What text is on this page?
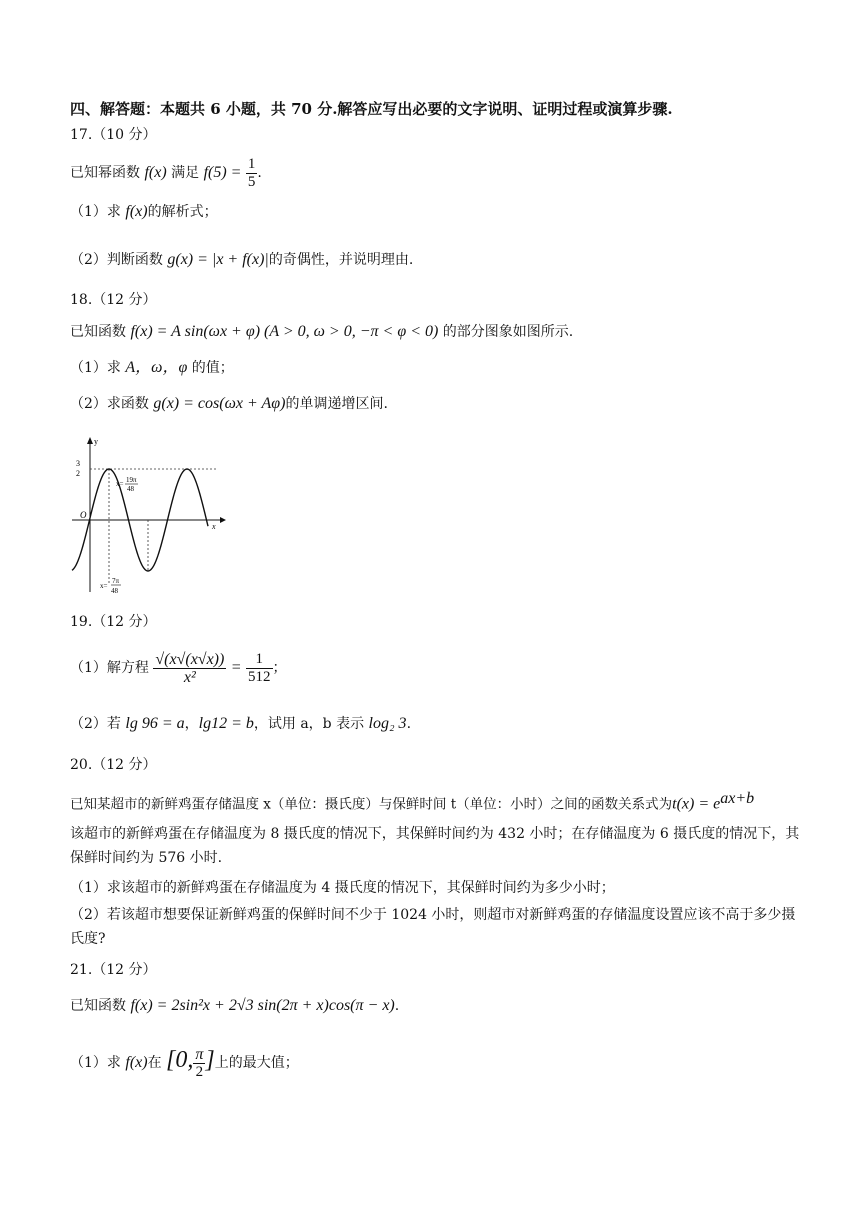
四、解答题：本题共 6 小题，共 70 分.解答应写出必要的文字说明、证明过程或演算步骤.
17.（10 分）
已知幂函数 f(x) 满足 $f(5) = \frac{1}{5}$ .
（1）求 f(x)的解析式；
（2）判断函数 g(x) = |x + f(x)|的奇偶性，并说明理由.
18.（12 分）
已知函数 f(x) = A sin(ωx + φ) (A > 0, ω > 0, −π < φ < 0) 的部分图象如图所示.
（1）求 A，ω，φ 的值；
（2）求函数 g(x) = cos(ωx + Aφ)的单调递增区间.
y
x
O
3
2
x= 19π
48
x=
7π
48
19.（12 分）
（1）解方程 $\frac{√(x√(x√x))}{\text{x²}} = \frac{1}{512}$ ；
（2）若 lg 96 = a，lg12 = b，试用 a，b 表示 log₂ 3.
20.（12 分）
已知某超市的新鲜鸡蛋存储温度 x（单位：摄氏度）与保鲜时间 t（单位：小时）之间的函数关系式为$t(x) = e^{ax+b}$
该超市的新鲜鸡蛋在存储温度为 8 摄氏度的情况下，其保鲜时间约为 432 小时；在存储温度为 6 摄氏度的情况下，其保鲜时间约为 576 小时.
（1）求该超市的新鲜鸡蛋在存储温度为 4 摄氏度的情况下，其保鲜时间约为多少小时；
（2）若该超市想要保证新鲜鸡蛋的保鲜时间不少于 1024 小时，则超市对新鲜鸡蛋的存储温度设置应该不高于多少摄氏度?
21.（12 分）
已知函数 f(x) = 2sin²x + 2√3 sin(2π + x)cos(π − x).
（1）求 f(x)在 [0, $\frac{\pi}{2}$ ]上的最大值；
